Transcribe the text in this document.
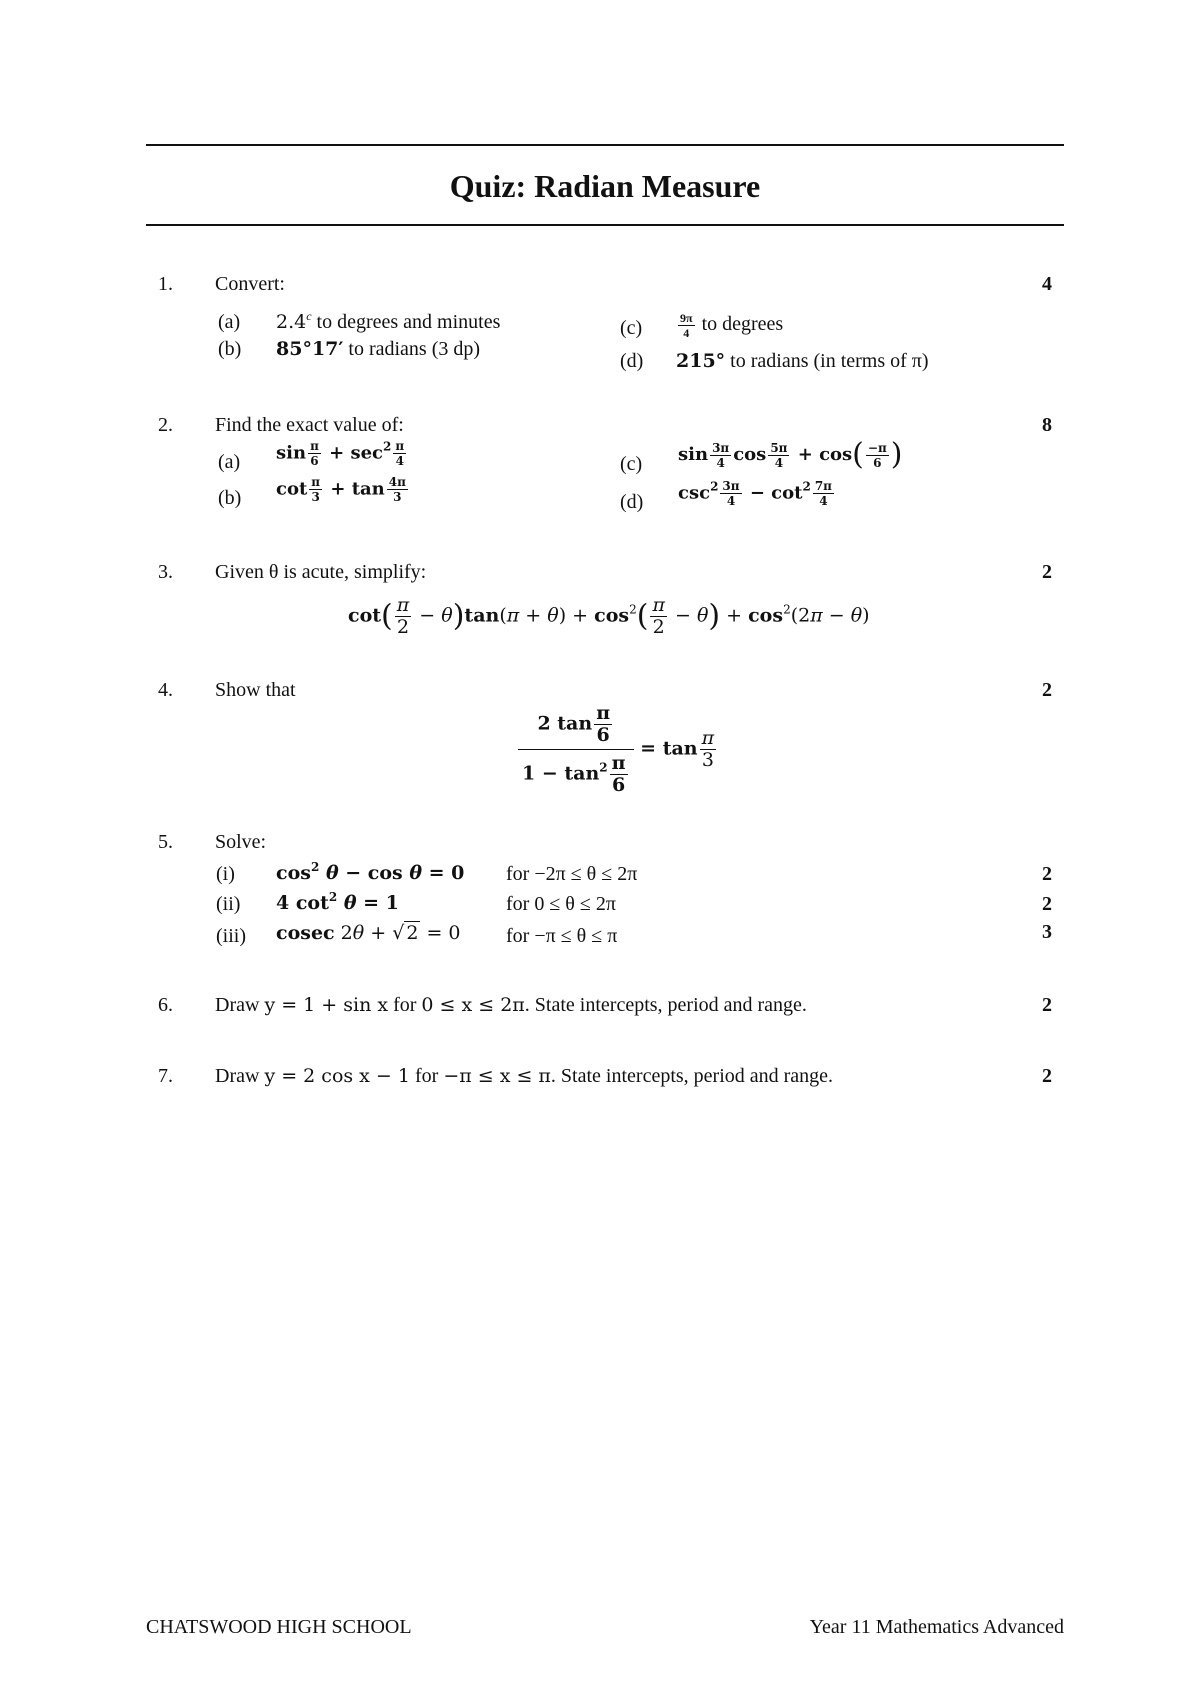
Quiz: Radian Measure
1. Convert:	4
(a) 2.4$^c$ to degrees and minutes
(b) 85°17′ to radians (3 dp)
(c)	$\frac{9\pi}{4}$ to degrees
(d) 215° to radians (in terms of π)
2. Find the exact value of:	8
(a) $\sin \frac{\pi}{6} + \sec^2 \frac{\pi}{4}$
(b) $\cot \frac{\pi}{3} + \tan \frac{4\pi}{3}$
(c) $\sin \frac{3\pi}{4}$ $\cos \frac{5\pi}{4} + \cos( \frac{-\pi}{6}$ )
(d) $\csc^2 \frac{3\pi}{4} - \cot^2 \frac{7\pi}{4}$
3. Given θ is acute, simplify:	2
$\cot( \frac{\pi}{2} - \theta)\tan(\pi + \theta) + \cos^2( \frac{\pi}{2} - \theta) + \cos^2(2\pi - \theta)$
4. Show that	2
$\frac{2 \tan \frac{\pi}{6}}{1 - \tan^2 \frac{\pi}{6}} = \tan \frac{\pi}{3}$
5. Solve:
(i) $\cos^2 \theta - \cos \theta = 0$ for −2π ≤ θ ≤ 2π	2
(ii) 4 $\cot^2 \theta = 1$	for 0 ≤ θ ≤ 2π	2
(iii) cosec 2θ + √ 2 = 0 for −π ≤ θ ≤ π	3
6. Draw y = 1 + sin x for 0 ≤ x ≤ 2π. State intercepts, period and range.	2
7. Draw y = 2 cos x − 1 for −π ≤ x ≤ π. State intercepts, period and range.	2
CHATSWOOD HIGH SCHOOL	Year 11 Mathematics Advanced
